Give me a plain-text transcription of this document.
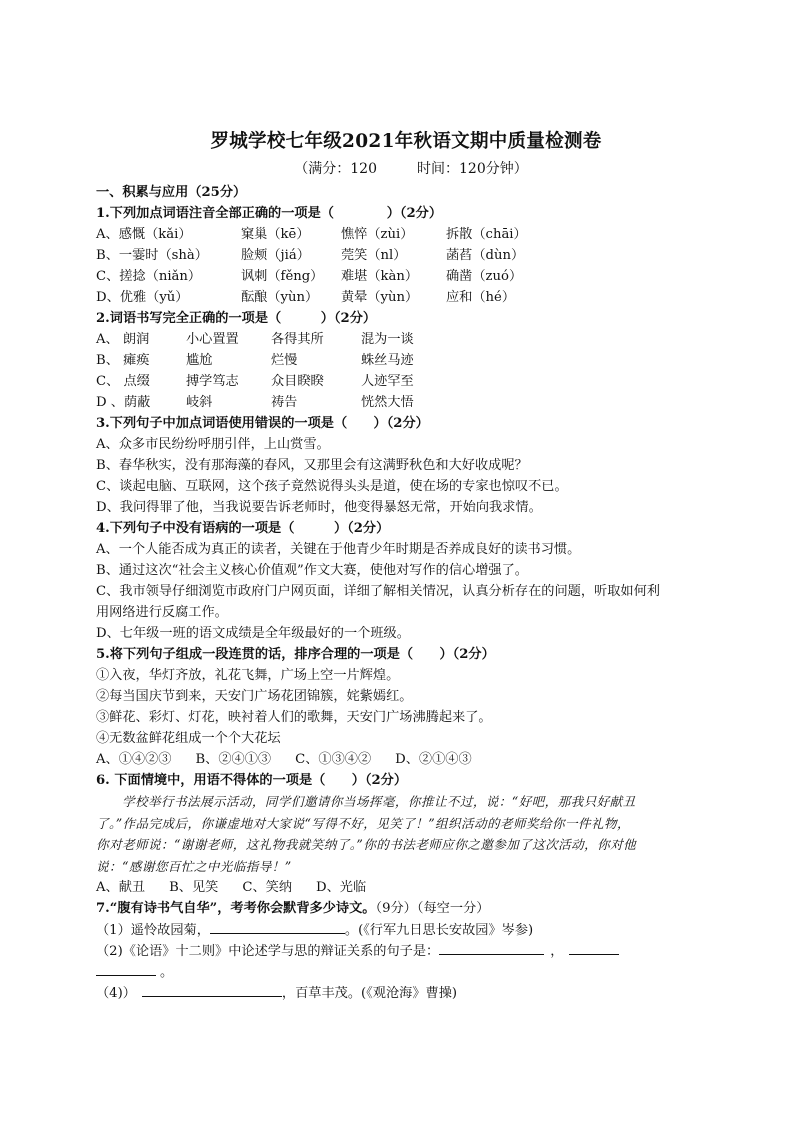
罗城学校七年级2021年秋语文期中质量检测卷
（满分：120	时间：120分钟）
一、积累与应用（25分）
1.下列加点词语注音全部正确的一项是（　　　　）（2分）
A、感慨（kǎi）	窠巢（kē）	憔悴（zùi）	拆散（chāi）
B、一霎时（shà）	脸颊（jiá）	莞笑（nl）	菡萏（dùn）
C、搓捻（niǎn）	讽刺（fěng）	难堪（kàn）	确凿（zuó）
D、优雅（yǔ）	酝酿（yùn）	黄晕（yùn）	应和（hé）
2.词语书写完全正确的一项是（　　　）（2分）
A、 朗润	小心置置	各得其所	混为一谈
B、 瘫痪	尴尬	烂慢	蛛丝马迹
C、 点缀	搏学笃志	众目睽睽	人迹罕至
D 、荫蔽	岐斜	祷告	恍然大悟
3.下列句子中加点词语使用错误的一项是（　　）（2分）
A、众多市民纷纷呼朋引伴，上山赏雪。
B、春华秋实，没有那海藻的春风，又那里会有这满野秋色和大好收成呢？
C、谈起电脑、互联网，这个孩子竟然说得头头是道，使在场的专家也惊叹不已。
D、我问得罪了他，当我说要告诉老师时，他变得暴怒无常，开始向我求情。
4.下列句子中没有语病的一项是（　　　）（2分）
A、一个人能否成为真正的读者，关键在于他青少年时期是否养成良好的读书习惯。
B、通过这次“社会主义核心价值观”作文大赛，使他对写作的信心增强了。
C、我市领导仔细浏览市政府门户网页面，详细了解相关情况，认真分析存在的问题，听取如何利
用网络进行反腐工作。
D、七年级一班的语文成绩是全年级最好的一个班级。
5.将下列句子组成一段连贯的话，排序合理的一项是（　　）（2分）
①入夜，华灯齐放，礼花飞舞，广场上空一片辉煌。
②每当国庆节到来，天安门广场花团锦簇，姹紫嫣红。
③鲜花、彩灯、灯花，映衬着人们的歌舞，天安门广场沸腾起来了。
④无数盆鲜花组成一个个大花坛
A、①④②③ B、②④①③ C、①③④② D、②①④③
6. 下面情境中，用语不得体的一项是（　　）（2分）
　　学校举行书法展示活动，同学们邀请你当场挥毫，你推让不过，说：“好吧，那我只好献丑
了。”作品完成后，你谦虚地对大家说“写得不好，见笑了！”组织活动的老师奖给你一件礼物，
你对老师说：“谢谢老师，这礼物我就笑纳了。”你的书法老师应你之邀参加了这次活动，你对他
说：“感谢您百忙之中光临指导！”
A、献丑 B、见笑 C、笑纳 D、光临
7.“腹有诗书气自华”，考考你会默背多少诗文。（9分）（每空一分）
（1）遥怜故园菊，	。(《行军九日思长安故园》岑参)
（2)《论语》十二则》中论述学与思的辩证关系的句子是：	，
。
（4)）	，百草丰茂。(《观沧海》曹操)
